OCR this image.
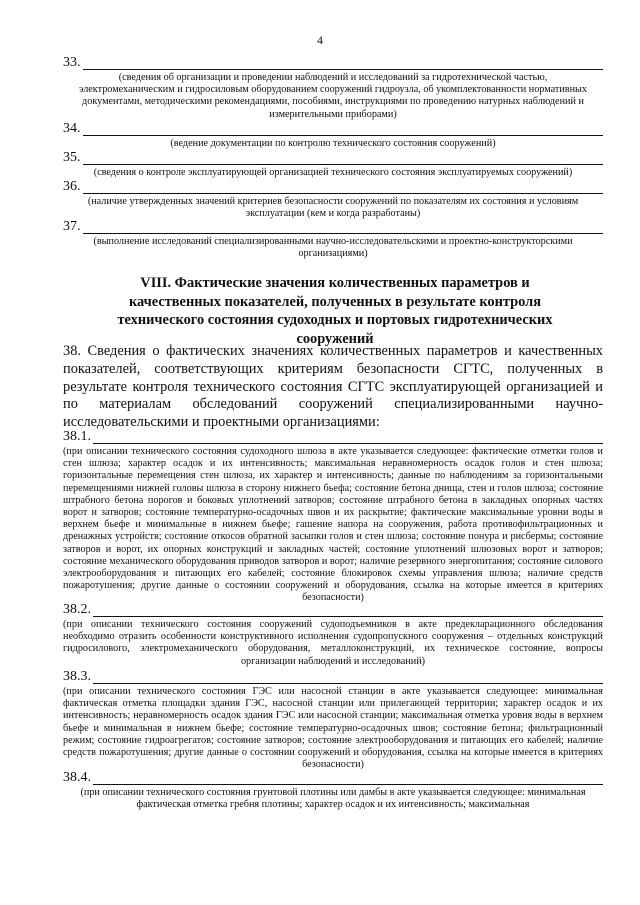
4
33.
(сведения об организации и проведении наблюдений и исследований за гидротехнической частью, электромеханическим и гидросиловым оборудованием сооружений гидроузла, об укомплектованности нормативных документами, методическими рекомендациями, пособиями, инструкциями по проведению натурных наблюдений и измерительными приборами)
34.
(ведение документации по контролю технического состояния сооружений)
35.
(сведения о контроле эксплуатирующей организацией технического состояния эксплуатируемых сооружений)
36.
(наличие утвержденных значений критериев безопасности сооружений по показателям их состояния и условиям эксплуатации (кем и когда разработаны)
37.
(выполнение исследований специализированными научно-исследовательскими и проектно-конструкторскими организациями)
VIII. Фактические значения количественных параметров и качественных показателей, полученных в результате контроля технического состояния судоходных и портовых гидротехнических сооружений
38. Сведения о фактических значениях количественных параметров и качественных показателей, соответствующих критериям безопасности СГТС, полученных в результате контроля технического состояния СГТС эксплуатирующей организацией и по материалам обследований сооружений специализированными научно-исследовательскими и проектными организациями:
38.1.
(при описании технического состояния судоходного шлюза в акте указывается следующее: фактические отметки голов и стен шлюза; характер осадок и их интенсивность; максимальная неравномерность осадок голов и стен шлюза; горизонтальные перемещения стен шлюза, их характер и интенсивность; данные по наблюдениям за горизонтальными перемещениями нижней головы шлюза в сторону нижнего бьефа; состояние бетона днища, стен и голов шлюза; состояние штрабного бетона порогов и боковых уплотнений затворов; состояние штрабного бетона в закладных опорных частях ворот и затворов; состояние температурно-осадочных швов и их раскрытие; фактические максимальные уровни воды в верхнем бьефе и минимальные в нижнем бьефе; гашение напора на сооружения, работа противофильтрационных и дренажных устройств; состояние откосов обратной засыпки голов и стен шлюза; состояние понура и рисбермы; состояние затворов и ворот, их опорных конструкций и закладных частей; состояние уплотнений шлюзовых ворот и затворов; состояние механического оборудования приводов затворов и ворот; наличие резервного энергопитания; состояние силового электрооборудования и питающих его кабелей; состояние блокировок схемы управления шлюза; наличие средств пожаротушения; другие данные о состоянии сооружений и оборудования, ссылка на которые имеется в критериях безопасности)
38.2.
(при описании технического состояния сооружений судоподъемников в акте предекларационного обследования необходимо отразить особенности конструктивного исполнения судопропускного сооружения – отдельных конструкций гидросилового, электромеханического оборудования, металлоконструкций, их техническое состояние, вопросы организации наблюдений и исследований)
38.3.
(при описании технического состояния ГЭС или насосной станции в акте указывается следующее: минимальная фактическая отметка площадки здания ГЭС, насосной станции или прилегающей территории; характер осадок и их интенсивность; неравномерность осадок здания ГЭС или насосной станции; максимальная отметка уровня воды в верхнем бьефе и минимальная в нижнем бьефе; состояние температурно-осадочных швов; состояние бетона; фильтрационный режим; состояние гидроагрегатов; состояние затворов; состояние электрооборудования и питающих его кабелей; наличие средств пожаротушения; другие данные о состоянии сооружений и оборудования, ссылка на которые имеется в критериях безопасности)
38.4.
(при описании технического состояния грунтовой плотины или дамбы в акте указывается следующее: минимальная фактическая отметка гребня плотины; характер осадок и их интенсивность; максимальная
